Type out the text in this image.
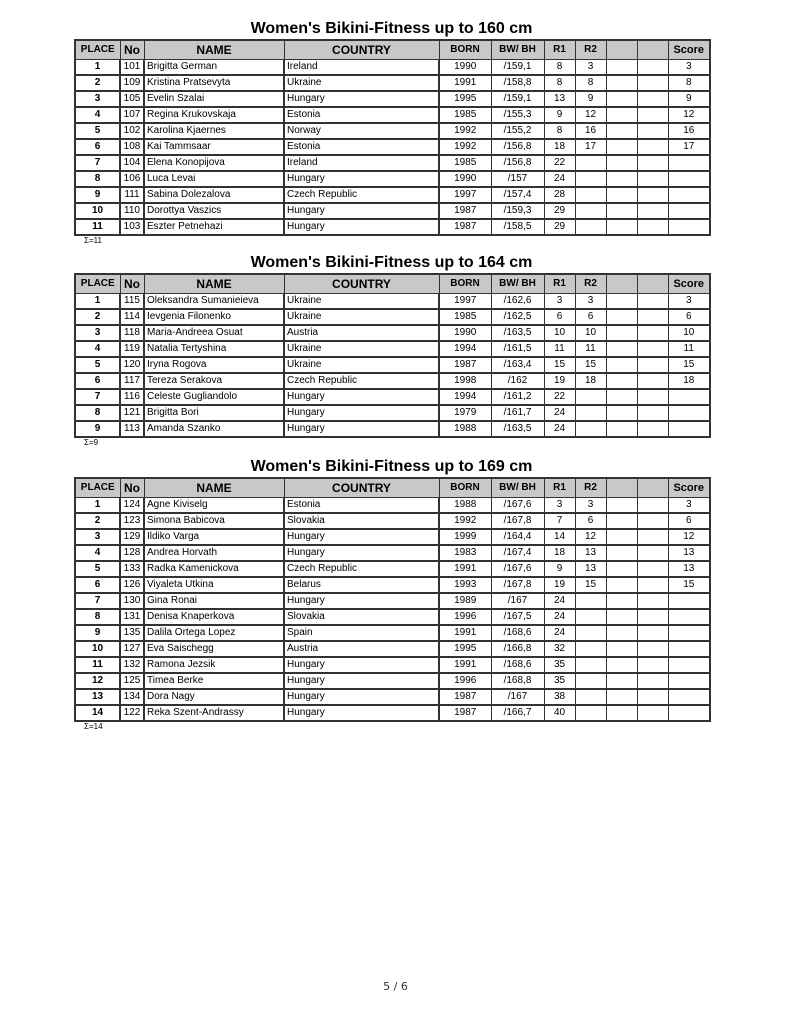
Women's Bikini-Fitness up to 160 cm
PLACE	No	NAME	COUNTRY	BORN	BW/ BH	R1	R2			Score
1	101	Brigitta German	Ireland	1990	/159,1	8	3			3
2	109	Kristina Pratsevyta	Ukraine	1991	/158,8	8	8			8
3	105	Evelin Szalai	Hungary	1995	/159,1	13	9			9
4	107	Regina Krukovskaja	Estonia	1985	/155,3	9	12			12
5	102	Karolina Kjaernes	Norway	1992	/155,2	8	16			16
6	108	Kai Tammsaar	Estonia	1992	/156,8	18	17			17
7	104	Elena Konopijova	Ireland	1985	/156,8	22				
8	106	Luca Levai	Hungary	1990	/157	24				
9	111	Sabina Dolezalova	Czech Republic	1997	/157,4	28				
10	110	Dorottya Vaszics	Hungary	1987	/159,3	29				
11	103	Eszter Petnehazi	Hungary	1987	/158,5	29				
Σ=11
Women's Bikini-Fitness up to 164 cm
PLACE	No	NAME	COUNTRY	BORN	BW/ BH	R1	R2			Score
1	115	Oleksandra Sumanieieva	Ukraine	1997	/162,6	3	3			3
2	114	Ievgenia Filonenko	Ukraine	1985	/162,5	6	6			6
3	118	Maria-Andreea Osuat	Austria	1990	/163,5	10	10			10
4	119	Natalia Tertyshina	Ukraine	1994	/161,5	11	11			11
5	120	Iryna Rogova	Ukraine	1987	/163,4	15	15			15
6	117	Tereza Serakova	Czech Republic	1998	/162	19	18			18
7	116	Celeste Gugliandolo	Hungary	1994	/161,2	22				
8	121	Brigitta Bori	Hungary	1979	/161,7	24				
9	113	Amanda Szanko	Hungary	1988	/163,5	24				
Σ=9
Women's Bikini-Fitness up to 169 cm
PLACE	No	NAME	COUNTRY	BORN	BW/ BH	R1	R2			Score
1	124	Agne Kiviselg	Estonia	1988	/167,6	3	3			3
2	123	Simona Babicova	Slovakia	1992	/167,8	7	6			6
3	129	Ildiko Varga	Hungary	1999	/164,4	14	12			12
4	128	Andrea Horvath	Hungary	1983	/167,4	18	13			13
5	133	Radka Kamenickova	Czech Republic	1991	/167,6	9	13			13
6	126	Viyaleta Utkina	Belarus	1993	/167,8	19	15			15
7	130	Gina Ronai	Hungary	1989	/167	24				
8	131	Denisa Knaperkova	Slovakia	1996	/167,5	24				
9	135	Dalila Ortega Lopez	Spain	1991	/168,6	24				
10	127	Eva Saischegg	Austria	1995	/166,8	32				
11	132	Ramona Jezsik	Hungary	1991	/168,6	35				
12	125	Timea Berke	Hungary	1996	/168,8	35				
13	134	Dora Nagy	Hungary	1987	/167	38				
14	122	Reka Szent-Andrassy	Hungary	1987	/166,7	40				
Σ=14
5 / 6
